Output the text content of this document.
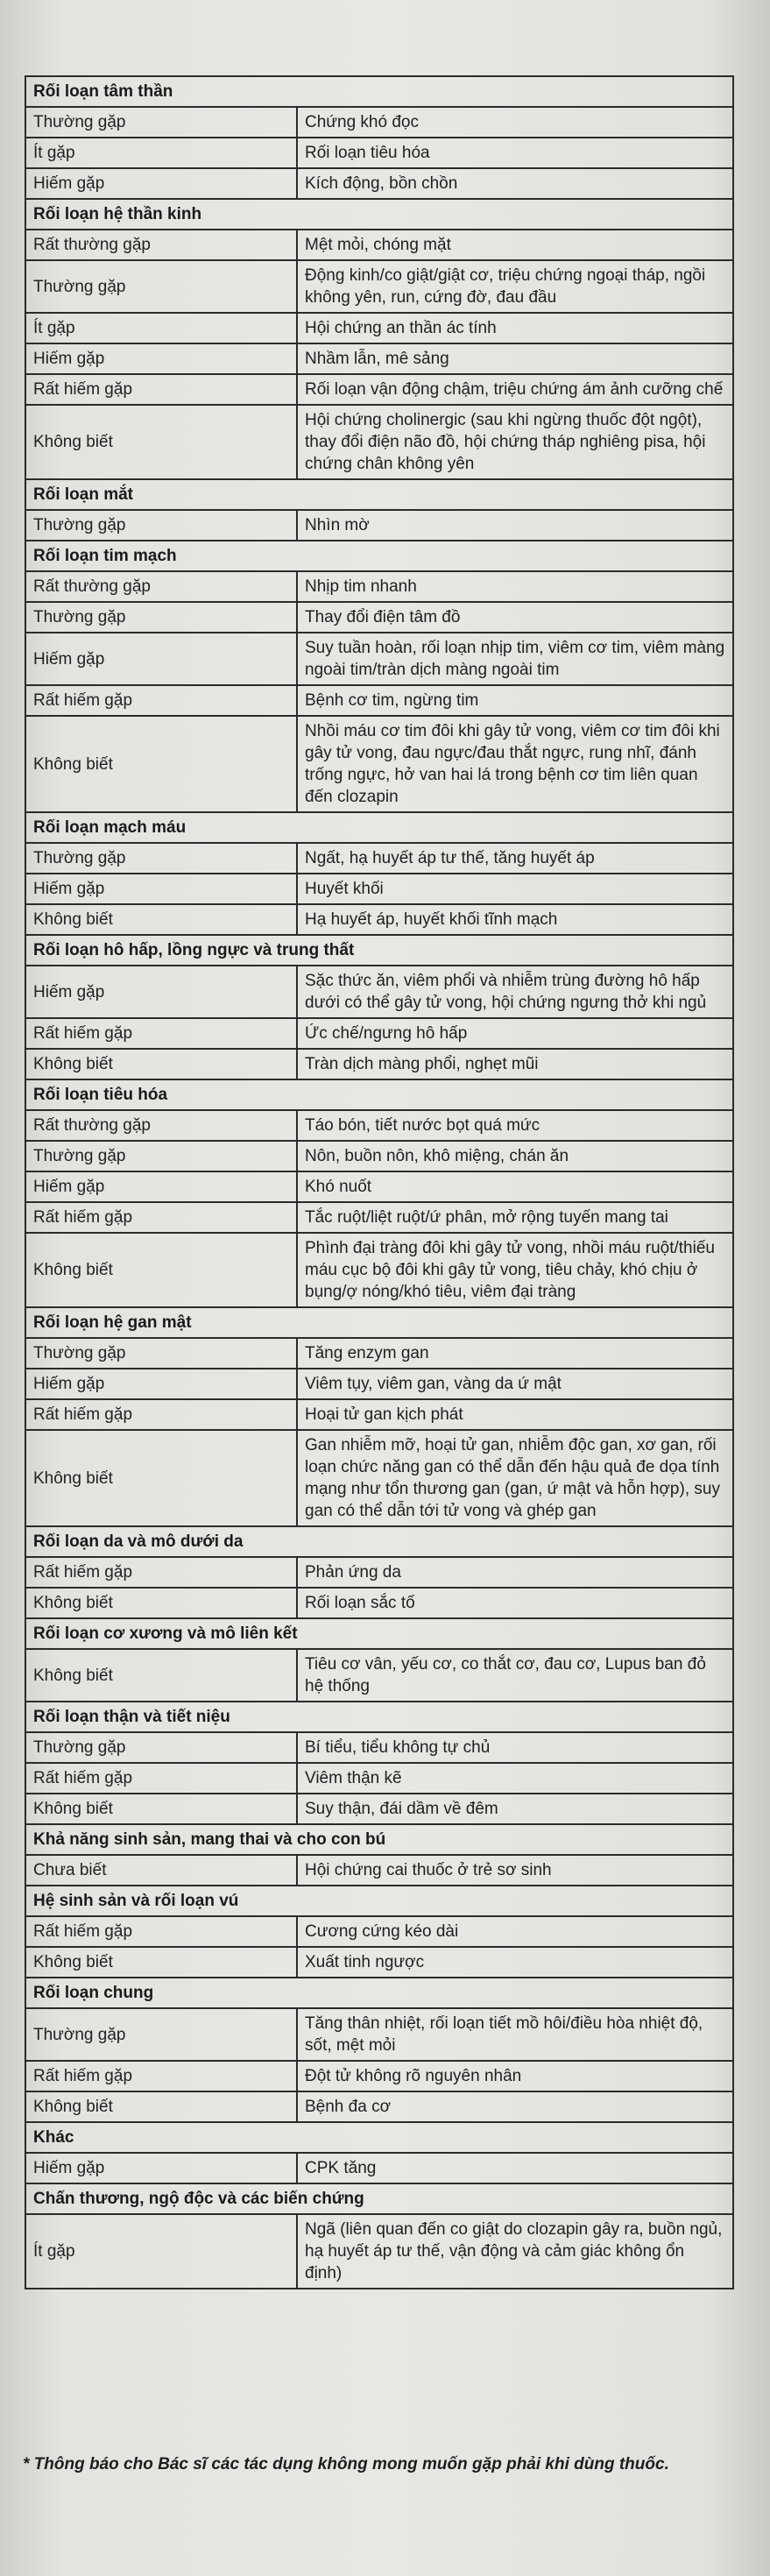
Rối loạn tâm thần	
Thường gặp	Chứng khó đọc
Ít gặp	Rối loạn tiêu hóa
Hiếm gặp	Kích động, bồn chồn
Rối loạn hệ thần kinh	
Rất thường gặp	Mệt mỏi, chóng mặt
Thường gặp	Động kinh/co giật/giật cơ, triệu chứng ngoại tháp, ngồi không yên, run, cứng đờ, đau đầu
Ít gặp	Hội chứng an thần ác tính
Hiếm gặp	Nhầm lẫn, mê sảng
Rất hiếm gặp	Rối loạn vận động chậm, triệu chứng ám ảnh cưỡng chế
Không biết	Hội chứng cholinergic (sau khi ngừng thuốc đột ngột), thay đổi điện não đồ, hội chứng tháp nghiêng pisa, hội chứng chân không yên
Rối loạn mắt	
Thường gặp	Nhìn mờ
Rối loạn tim mạch	
Rất thường gặp	Nhịp tim nhanh
Thường gặp	Thay đổi điện tâm đồ
Hiếm gặp	Suy tuần hoàn, rối loạn nhịp tim, viêm cơ tim, viêm màng ngoài tim/tràn dịch màng ngoài tim
Rất hiếm gặp	Bệnh cơ tim, ngừng tim
Không biết	Nhồi máu cơ tim đôi khi gây tử vong, viêm cơ tim đôi khi gây tử vong, đau ngực/đau thắt ngực, rung nhĩ, đánh trống ngực, hở van hai lá trong bệnh cơ tim liên quan đến clozapin
Rối loạn mạch máu	
Thường gặp	Ngất, hạ huyết áp tư thế, tăng huyết áp
Hiếm gặp	Huyết khối
Không biết	Hạ huyết áp, huyết khối tĩnh mạch
Rối loạn hô hấp, lồng ngực và trung thất	
Hiếm gặp	Sặc thức ăn, viêm phổi và nhiễm trùng đường hô hấp dưới có thể gây tử vong, hội chứng ngưng thở khi ngủ
Rất hiếm gặp	Ức chế/ngưng hô hấp
Không biết	Tràn dịch màng phổi, nghẹt mũi
Rối loạn tiêu hóa	
Rất thường gặp	Táo bón, tiết nước bọt quá mức
Thường gặp	Nôn, buồn nôn, khô miệng, chán ăn
Hiếm gặp	Khó nuốt
Rất hiếm gặp	Tắc ruột/liệt ruột/ứ phân, mở rộng tuyến mang tai
Không biết	Phình đại tràng đôi khi gây tử vong, nhồi máu ruột/thiếu máu cục bộ đôi khi gây tử vong, tiêu chảy, khó chịu ở bụng/ợ nóng/khó tiêu, viêm đại tràng
Rối loạn hệ gan mật	
Thường gặp	Tăng enzym gan
Hiếm gặp	Viêm tụy, viêm gan, vàng da ứ mật
Rất hiếm gặp	Hoại tử gan kịch phát
Không biết	Gan nhiễm mỡ, hoại tử gan, nhiễm độc gan, xơ gan, rối loạn chức năng gan có thể dẫn đến hậu quả đe dọa tính mạng như tổn thương gan (gan, ứ mật và hỗn hợp), suy gan có thể dẫn tới tử vong và ghép gan
Rối loạn da và mô dưới da	
Rất hiếm gặp	Phản ứng da
Không biết	Rối loạn sắc tố
Rối loạn cơ xương và mô liên kết	
Không biết	Tiêu cơ vân, yếu cơ, co thắt cơ, đau cơ, Lupus ban đỏ hệ thống
Rối loạn thận và tiết niệu	
Thường gặp	Bí tiểu, tiểu không tự chủ
Rất hiếm gặp	Viêm thận kẽ
Không biết	Suy thận, đái dầm về đêm
Khả năng sinh sản, mang thai và cho con bú	
Chưa biết	Hội chứng cai thuốc ở trẻ sơ sinh
Hệ sinh sản và rối loạn vú	
Rất hiếm gặp	Cương cứng kéo dài
Không biết	Xuất tinh ngược
Rối loạn chung	
Thường gặp	Tăng thân nhiệt, rối loạn tiết mồ hôi/điều hòa nhiệt độ, sốt, mệt mỏi
Rất hiếm gặp	Đột tử không rõ nguyên nhân
Không biết	Bệnh đa cơ
Khác	
Hiếm gặp	CPK tăng
Chấn thương, ngộ độc và các biến chứng	
Ít gặp	Ngã (liên quan đến co giật do clozapin gây ra, buồn ngủ, hạ huyết áp tư thế, vận động và cảm giác không ổn định)
* Thông báo cho Bác sĩ các tác dụng không mong muốn gặp phải khi dùng thuốc.
